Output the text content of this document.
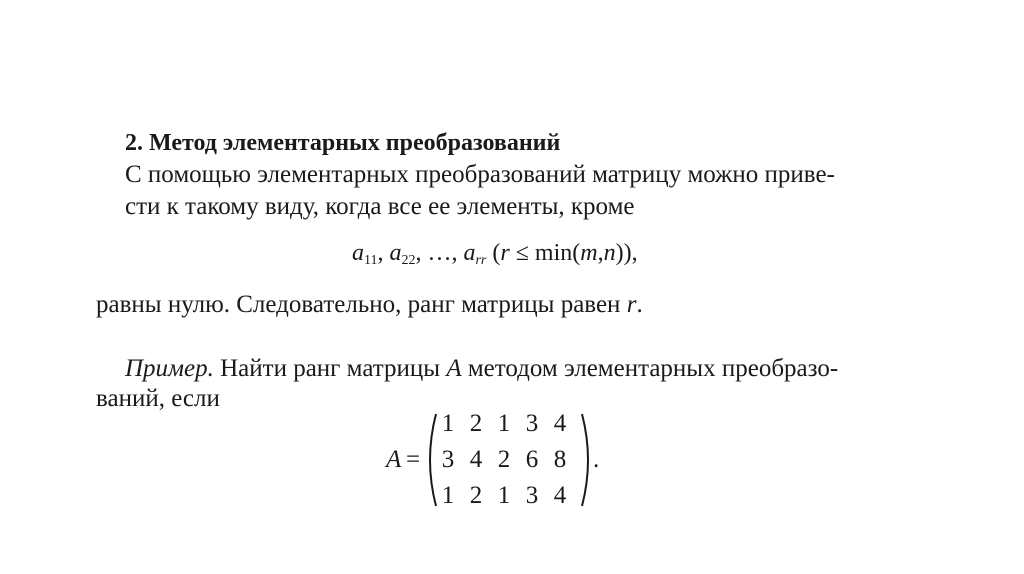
2. Метод элементарных преобразований
С помощью элементарных преобразований матрицу можно приве-
сти к такому виду, когда все ее элементы, кроме
$a_{11}$, $a_{22}$, …, $a_{rr}$ (r ≤ min(m,n)),
равны нулю. Следовательно, ранг матрицы равен r.
Пример. Найти ранг матрицы A методом элементарных преобразо-
ваний, если
A =
1 2 1 3 4
3 4 2 6 8
1 2 1 3 4
.
